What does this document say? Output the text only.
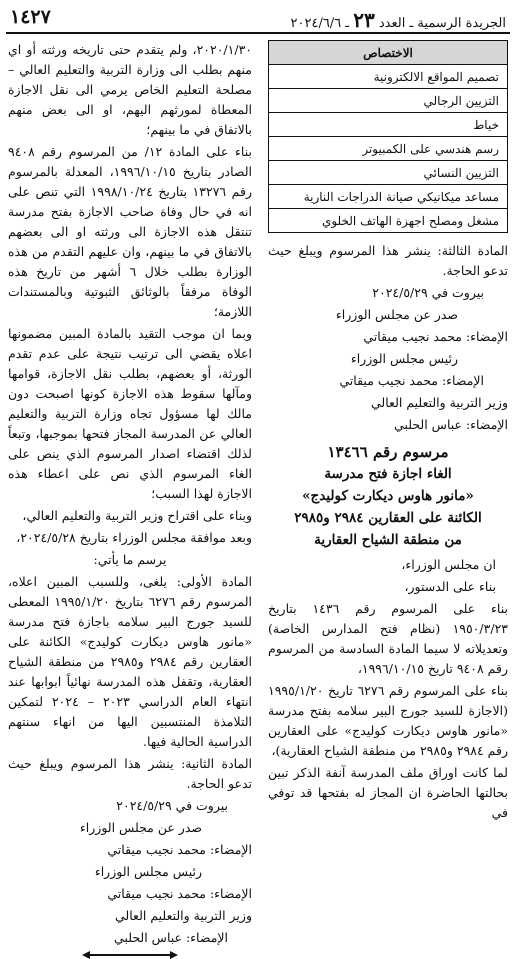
الجريدة الرسمية ـ العدد ٢٣ ـ ٢٠٢٤/٦/٦
١٤٢٧
الاختصاص
تصميم المواقع الالكترونية
التزيين الرجالي
خياط
رسم هندسي على الكمبيوتر
التزيين النسائي
مساعد ميكانيكي صيانة الدراجات النارية
مشغل ومصلح اجهزة الهاتف الخلوي

المادة الثالثة: ينشر هذا المرسوم ويبلغ حيث تدعو الحاجة.

بيروت في ٢٠٢٤/٥/٢٩

صدر عن مجلس الوزراء

الإمضاء: محمد نجيب ميقاتي

رئيس مجلس الوزراء

الإمضاء: محمد نجيب ميقاتي

وزير التربية والتعليم العالي

الإمضاء: عباس الحلبي

مرسوم رقم ١٣٤٦٦
الغاء اجازة فتح مدرسة
«مانور هاوس ديكارت كوليدج»
الكائنة على العقارين ٢٩٨٤ و٢٩٨٥
من منطقة الشياح العقارية

ان مجلس الوزراء،

بناء على الدستور،

بناء على المرسوم رقم ١٤٣٦ بتاريخ ١٩٥٠/٣/٢٣ (نظام فتح المدارس الخاصة) وتعديلاته لا سيما المادة السادسة من المرسوم رقم ٩٤٠٨ تاريخ ١٩٩٦/١٠/١٥،

بناء على المرسوم رقم ٦٢٧٦ تاريخ ١٩٩٥/١/٢٠ (الاجازة للسيد جورج البير سلامه بفتح مدرسة «مانور هاوس ديكارت كوليدج» على العقارين رقم ٢٩٨٤ و٢٩٨٥ من منطقة الشياح العقارية)،

لما كانت اوراق ملف المدرسة آنفة الذكر تبين بحالتها الحاضرة ان المجاز له بفتحها قد توفي في

٢٠٢٠/١/٣٠، ولم يتقدم حتى تاريخه ورثته أو اي منهم بطلب الى وزارة التربية والتعليم العالي – مصلحة التعليم الخاص يرمي الى نقل الاجازة المعطاة لمورثهم اليهم، او الى بعض منهم بالاتفاق في ما بينهم؛

بناء على المادة ١٢/ من المرسوم رقم ٩٤٠٨ الصادر بتاريخ ١٩٩٦/١٠/١٥، المعدلة بالمرسوم رقم ١٣٢٧٦ بتاريخ ١٩٩٨/١٠/٢٤ التي تنص على انه في حال وفاة صاحب الاجازة بفتح مدرسة تنتقل هذه الاجازة الى ورثته او الى بعضهم بالاتفاق في ما بينهم، وان عليهم التقدم من هذه الوزارة بطلب خلال ٦ أشهر من تاريخ هذه الوفاة مرفقاً بالوثائق الثبوتية وبالمستندات اللازمة؛

وبما ان موجب التقيد بالمادة المبين مضمونها اعلاه يقضي الى ترتيب نتيجة على عدم تقدم الورثة، أو بعضهم، بطلب نقل الاجازة، قوامها ومآلها سقوط هذه الاجازة كونها اصبحت دون مالك لها مسؤول تجاه وزارة التربية والتعليم العالي عن المدرسة المجاز فتحها بموجبها، وتبعاً لذلك اقتضاء اصدار المرسوم الذي ينص على الغاء المرسوم الذي نص على اعطاء هذه الاجازة لهذا السبب؛

وبناء على اقتراح وزير التربية والتعليم العالي،

وبعد موافقة مجلس الوزراء بتاريخ ٢٠٢٤/٥/٢٨،

يرسم ما يأتي:

المادة الأولى: يلغى، وللسبب المبين اعلاه، المرسوم رقم ٦٢٧٦ بتاريخ ١٩٩٥/١/٢٠ المعطى للسيد جورج البير سلامه باجازة فتح مدرسة «مانور هاوس ديكارت كوليدج» الكائنة على العقارين رقم ٢٩٨٤ و٢٩٨٥ من منطقة الشياح العقارية، وتقفل هذه المدرسة نهائياً ابوابها عند انتهاء العام الدراسي ٢٠٢٣ – ٢٠٢٤ لتمكين التلامذة المنتسبين اليها من انهاء سنتهم الدراسية الحالية فيها.

المادة الثانية: ينشر هذا المرسوم ويبلغ حيث تدعو الحاجة.

بيروت في ٢٠٢٤/٥/٢٩

صدر عن مجلس الوزراء

الإمضاء: محمد نجيب ميقاتي

رئيس مجلس الوزراء

الإمضاء: محمد نجيب ميقاتي

وزير التربية والتعليم العالي

الإمضاء: عباس الحلبي
